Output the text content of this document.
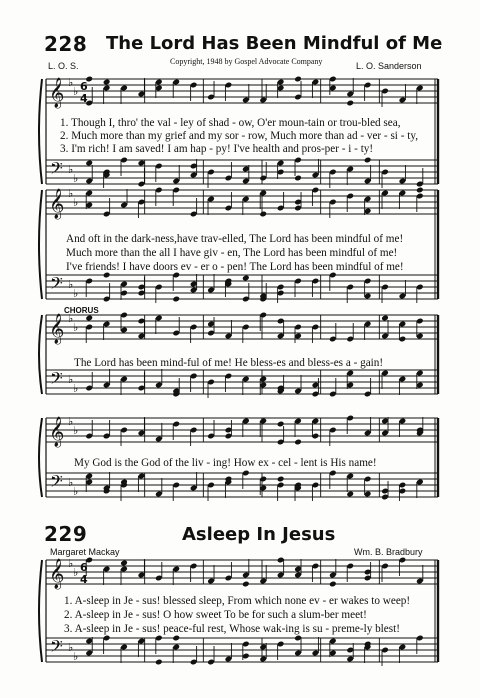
228 The Lord Has Been Mindful of Me
Copyright, 1948 by Gospel Advocate Company
L. O. S.	L. O. Sanderson
𝄞
𝄢
♭
♭
♭
♭
𝄞
𝄢
♭
♭
♭
♭
𝄞
𝄢
♭
♭
♭
♭
𝄞
𝄢
♭
♭
♭
♭
𝄞
𝄢
♭
♭
♭
♭
6
4
6
4
1. Though I, thro' the val - ley of shad - ow, O'er moun-tain or trou-bled sea,
2. Much more than my grief and my sor - row, Much more than ad - ver - si - ty,
3. I'm rich! I am saved! I am hap - py! I've health and pros-per - i - ty!
And oft in the dark-ness,have trav-elled, The Lord has been mindful of me!
Much more than the all I have giv - en, The Lord has been mindful of me!
I've friends! I have doors ev - er o - pen! The Lord has been mindful of me!
CHORUS
The Lord has been mind-ful of me! He bless-es and bless-es a - gain!
My God is the God of the liv - ing! How ex - cel - lent is His name!
229	Asleep In Jesus
Margaret Mackay	Wm. B. Bradbury
1. A-sleep in Je - sus! blessed sleep, From which none ev - er wakes to weep!
2. A-sleep in Je - sus! O how sweet To be for such a slum-ber meet!
3. A-sleep in Je - sus! peace-ful rest, Whose wak-ing is su - preme-ly blest!
